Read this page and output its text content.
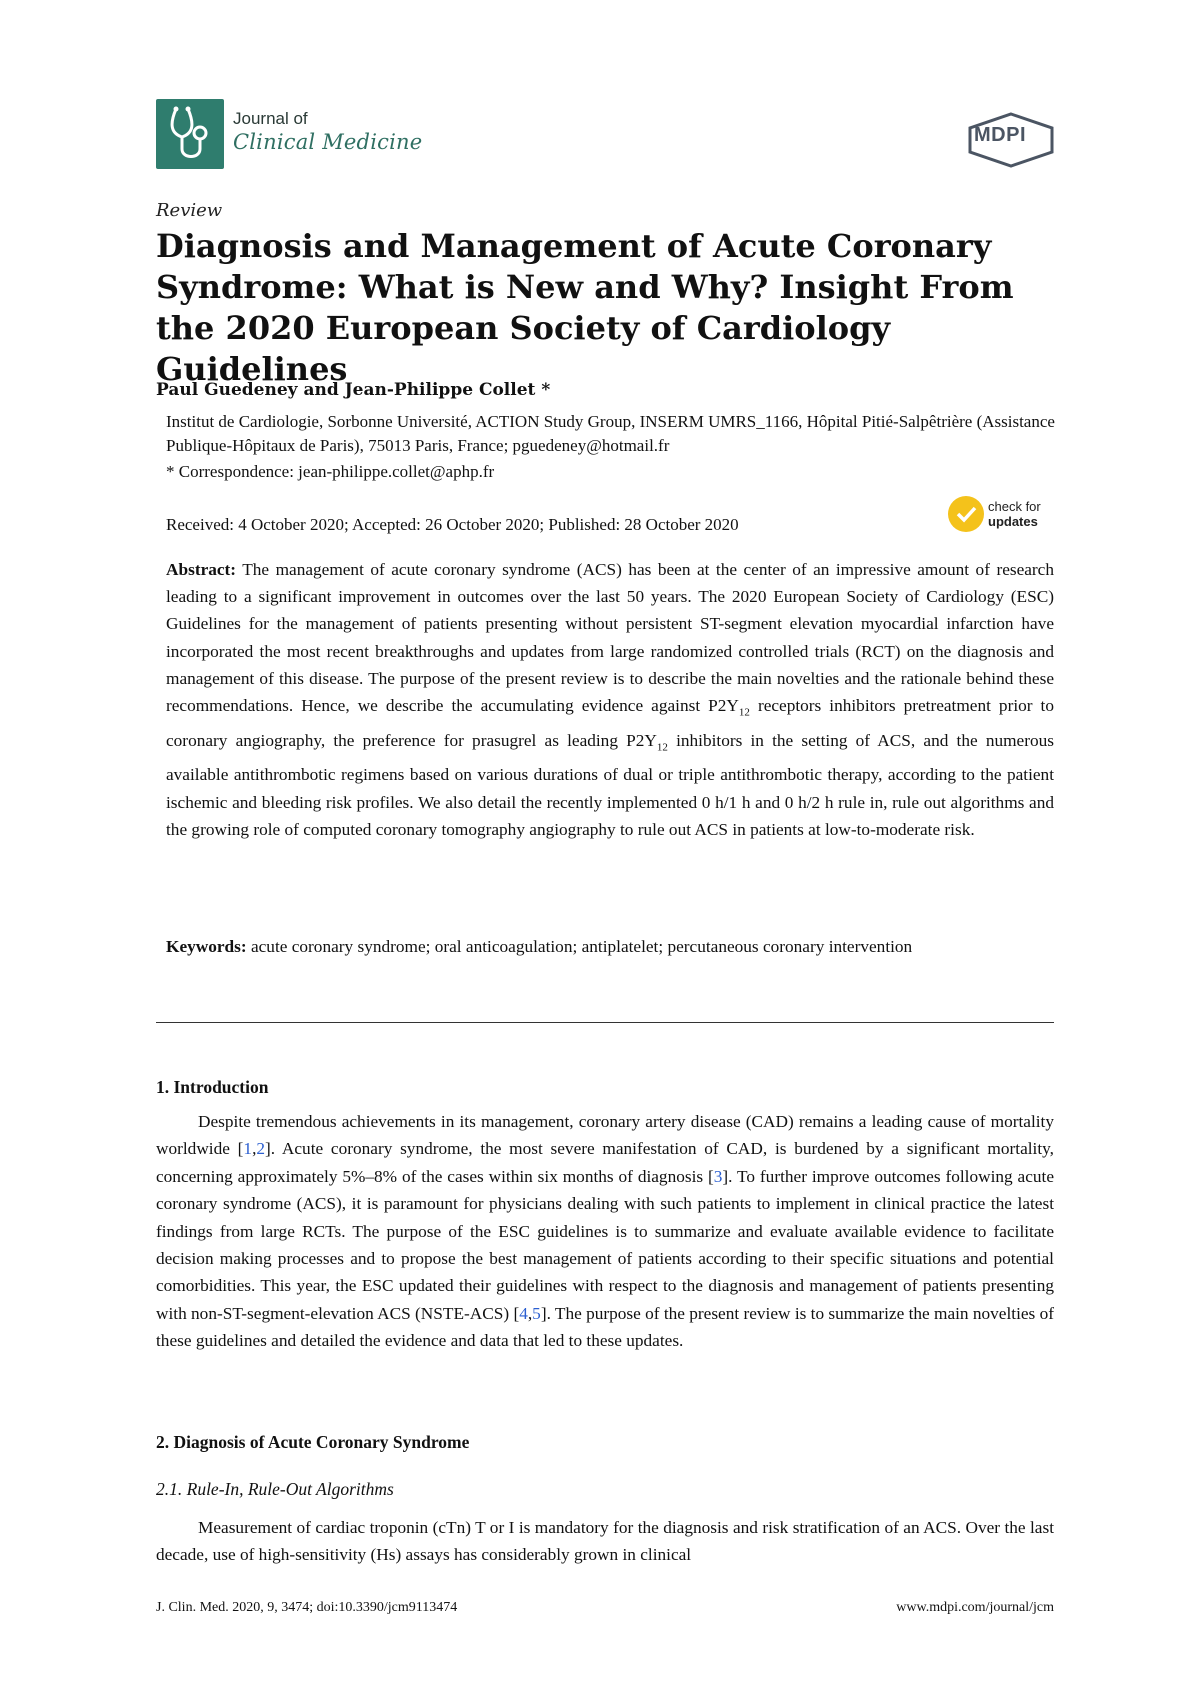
Journal of
Clinical Medicine	MDPI
Review
Diagnosis and Management of Acute Coronary Syndrome: What is New and Why? Insight From the 2020 European Society of Cardiology Guidelines
Paul Guedeney and Jean-Philippe Collet *
Institut de Cardiologie, Sorbonne Université, ACTION Study Group, INSERM UMRS_1166, Hôpital Pitié-Salpêtrière (Assistance Publique-Hôpitaux de Paris), 75013 Paris, France; pguedeney@hotmail.fr
* Correspondence: jean-philippe.collet@aphp.fr
Received: 4 October 2020; Accepted: 26 October 2020; Published: 28 October 2020
check for
updates
Abstract: The management of acute coronary syndrome (ACS) has been at the center of an impressive amount of research leading to a significant improvement in outcomes over the last 50 years. The 2020 European Society of Cardiology (ESC) Guidelines for the management of patients presenting without persistent ST-segment elevation myocardial infarction have incorporated the most recent breakthroughs and updates from large randomized controlled trials (RCT) on the diagnosis and management of this disease. The purpose of the present review is to describe the main novelties and the rationale behind these recommendations. Hence, we describe the accumulating evidence against $P2Y_{12}$ receptors inhibitors pretreatment prior to coronary angiography, the preference for prasugrel as leading $P2Y_{12}$ inhibitors in the setting of ACS, and the numerous available antithrombotic regimens based on various durations of dual or triple antithrombotic therapy, according to the patient ischemic and bleeding risk profiles. We also detail the recently implemented 0 h/1 h and 0 h/2 h rule in, rule out algorithms and the growing role of computed coronary tomography angiography to rule out ACS in patients at low-to-moderate risk.
Keywords: acute coronary syndrome; oral anticoagulation; antiplatelet; percutaneous coronary intervention
1. Introduction
Despite tremendous achievements in its management, coronary artery disease (CAD) remains a leading cause of mortality worldwide [1,2]. Acute coronary syndrome, the most severe manifestation of CAD, is burdened by a significant mortality, concerning approximately 5%–8% of the cases within six months of diagnosis [3]. To further improve outcomes following acute coronary syndrome (ACS), it is paramount for physicians dealing with such patients to implement in clinical practice the latest findings from large RCTs. The purpose of the ESC guidelines is to summarize and evaluate available evidence to facilitate decision making processes and to propose the best management of patients according to their specific situations and potential comorbidities. This year, the ESC updated their guidelines with respect to the diagnosis and management of patients presenting with non-ST-segment-elevation ACS (NSTE-ACS) [4,5]. The purpose of the present review is to summarize the main novelties of these guidelines and detailed the evidence and data that led to these updates.
2. Diagnosis of Acute Coronary Syndrome
2.1. Rule-In, Rule-Out Algorithms
Measurement of cardiac troponin (cTn) T or I is mandatory for the diagnosis and risk stratification of an ACS. Over the last decade, use of high-sensitivity (Hs) assays has considerably grown in clinical
J. Clin. Med. 2020, 9, 3474; doi:10.3390/jcm9113474	www.mdpi.com/journal/jcm
